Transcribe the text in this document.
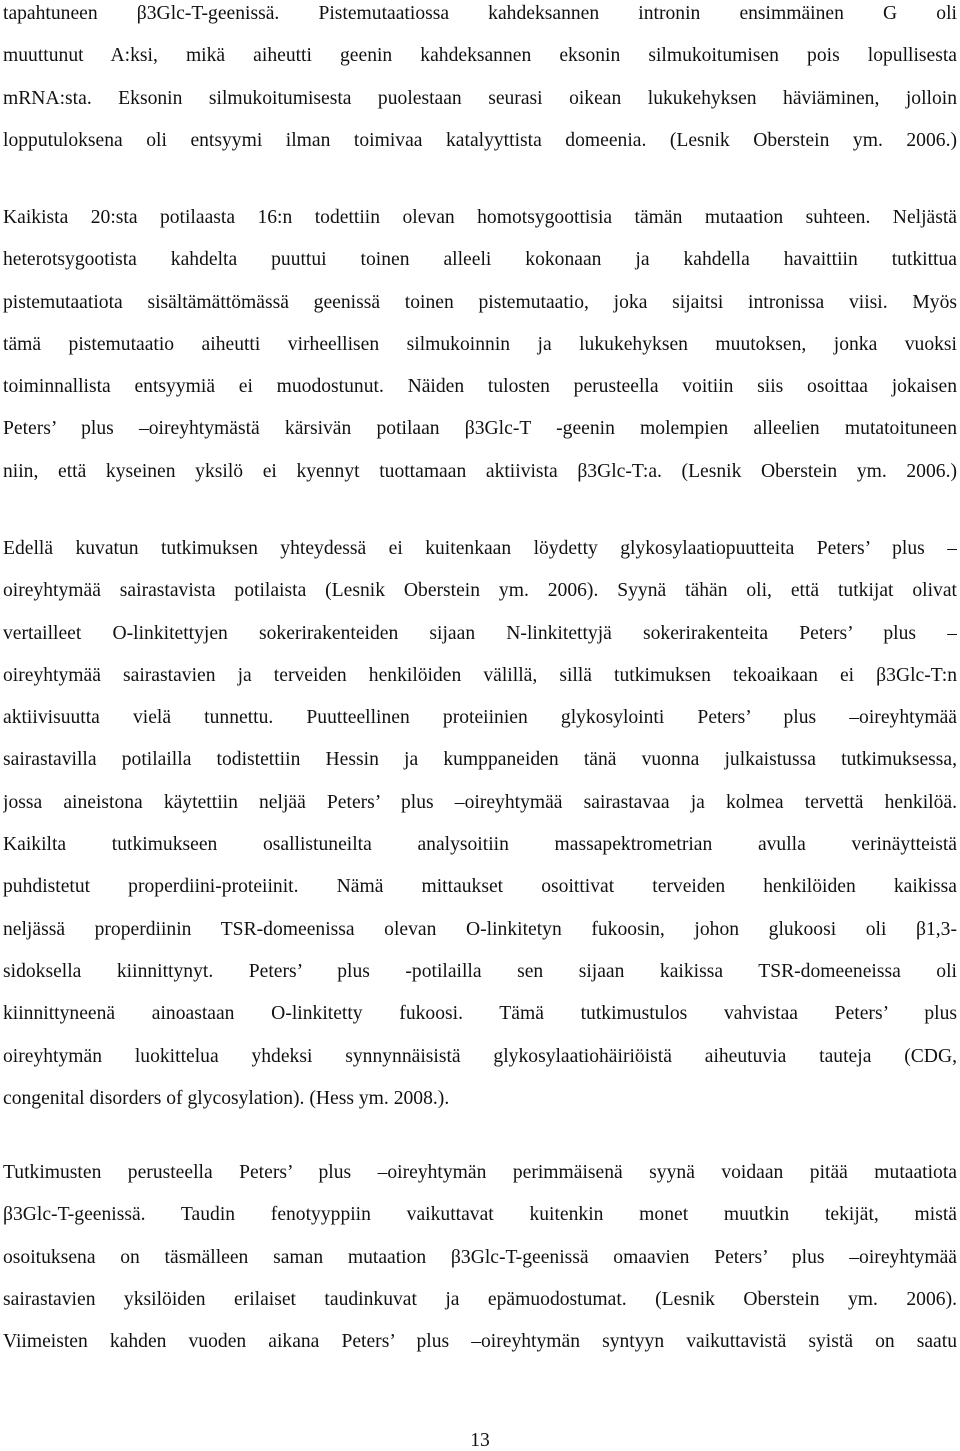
tapahtuneen β3Glc-T-geenissä. Pistemutaatiossa kahdeksannen intronin ensimmäinen G oli
muuttunut A:ksi, mikä aiheutti geenin kahdeksannen eksonin silmukoitumisen pois lopullisesta
mRNA:sta. Eksonin silmukoitumisesta puolestaan seurasi oikean lukukehyksen häviäminen, jolloin
lopputuloksena oli entsyymi ilman toimivaa katalyyttista domeenia. (Lesnik Oberstein ym. 2006.)
Kaikista 20:sta potilaasta 16:n todettiin olevan homotsygoottisia tämän mutaation suhteen. Neljästä
heterotsygootista kahdelta puuttui toinen alleeli kokonaan ja kahdella havaittiin tutkittua
pistemutaatiota sisältämättömässä geenissä toinen pistemutaatio, joka sijaitsi intronissa viisi. Myös
tämä pistemutaatio aiheutti virheellisen silmukoinnin ja lukukehyksen muutoksen, jonka vuoksi
toiminnallista entsyymiä ei muodostunut. Näiden tulosten perusteella voitiin siis osoittaa jokaisen
Peters’ plus –oireyhtymästä kärsivän potilaan β3Glc-T -geenin molempien alleelien mutatoituneen
niin, että kyseinen yksilö ei kyennyt tuottamaan aktiivista β3Glc-T:a. (Lesnik Oberstein ym. 2006.)
Edellä kuvatun tutkimuksen yhteydessä ei kuitenkaan löydetty glykosylaatiopuutteita Peters’ plus –
oireyhtymää sairastavista potilaista (Lesnik Oberstein ym. 2006). Syynä tähän oli, että tutkijat olivat
vertailleet O-linkitettyjen sokerirakenteiden sijaan N-linkitettyjä sokerirakenteita Peters’ plus –
oireyhtymää sairastavien ja terveiden henkilöiden välillä, sillä tutkimuksen tekoaikaan ei β3Glc-T:n
aktiivisuutta vielä tunnettu. Puutteellinen proteiinien glykosylointi Peters’ plus –oireyhtymää
sairastavilla potilailla todistettiin Hessin ja kumppaneiden tänä vuonna julkaistussa tutkimuksessa,
jossa aineistona käytettiin neljää Peters’ plus –oireyhtymää sairastavaa ja kolmea tervettä henkilöä.
Kaikilta tutkimukseen osallistuneilta analysoitiin massapektrometrian avulla verinäytteistä
puhdistetut properdiini-proteiinit. Nämä mittaukset osoittivat terveiden henkilöiden kaikissa
neljässä properdiinin TSR-domeenissa olevan O-linkitetyn fukoosin, johon glukoosi oli β1,3-
sidoksella kiinnittynyt. Peters’ plus -potilailla sen sijaan kaikissa TSR-domeeneissa oli
kiinnittyneenä ainoastaan O-linkitetty fukoosi. Tämä tutkimustulos vahvistaa Peters’ plus
oireyhtymän luokittelua yhdeksi synnynnäisistä glykosylaatiohäiriöistä aiheutuvia tauteja (CDG,
congenital disorders of glycosylation). (Hess ym. 2008.).
Tutkimusten perusteella Peters’ plus –oireyhtymän perimmäisenä syynä voidaan pitää mutaatiota
β3Glc-T-geenissä. Taudin fenotyyppiin vaikuttavat kuitenkin monet muutkin tekijät, mistä
osoituksena on täsmälleen saman mutaation β3Glc-T-geenissä omaavien Peters’ plus –oireyhtymää
sairastavien yksilöiden erilaiset taudinkuvat ja epämuodostumat. (Lesnik Oberstein ym. 2006).
Viimeisten kahden vuoden aikana Peters’ plus –oireyhtymän syntyyn vaikuttavistä syistä on saatu
13
